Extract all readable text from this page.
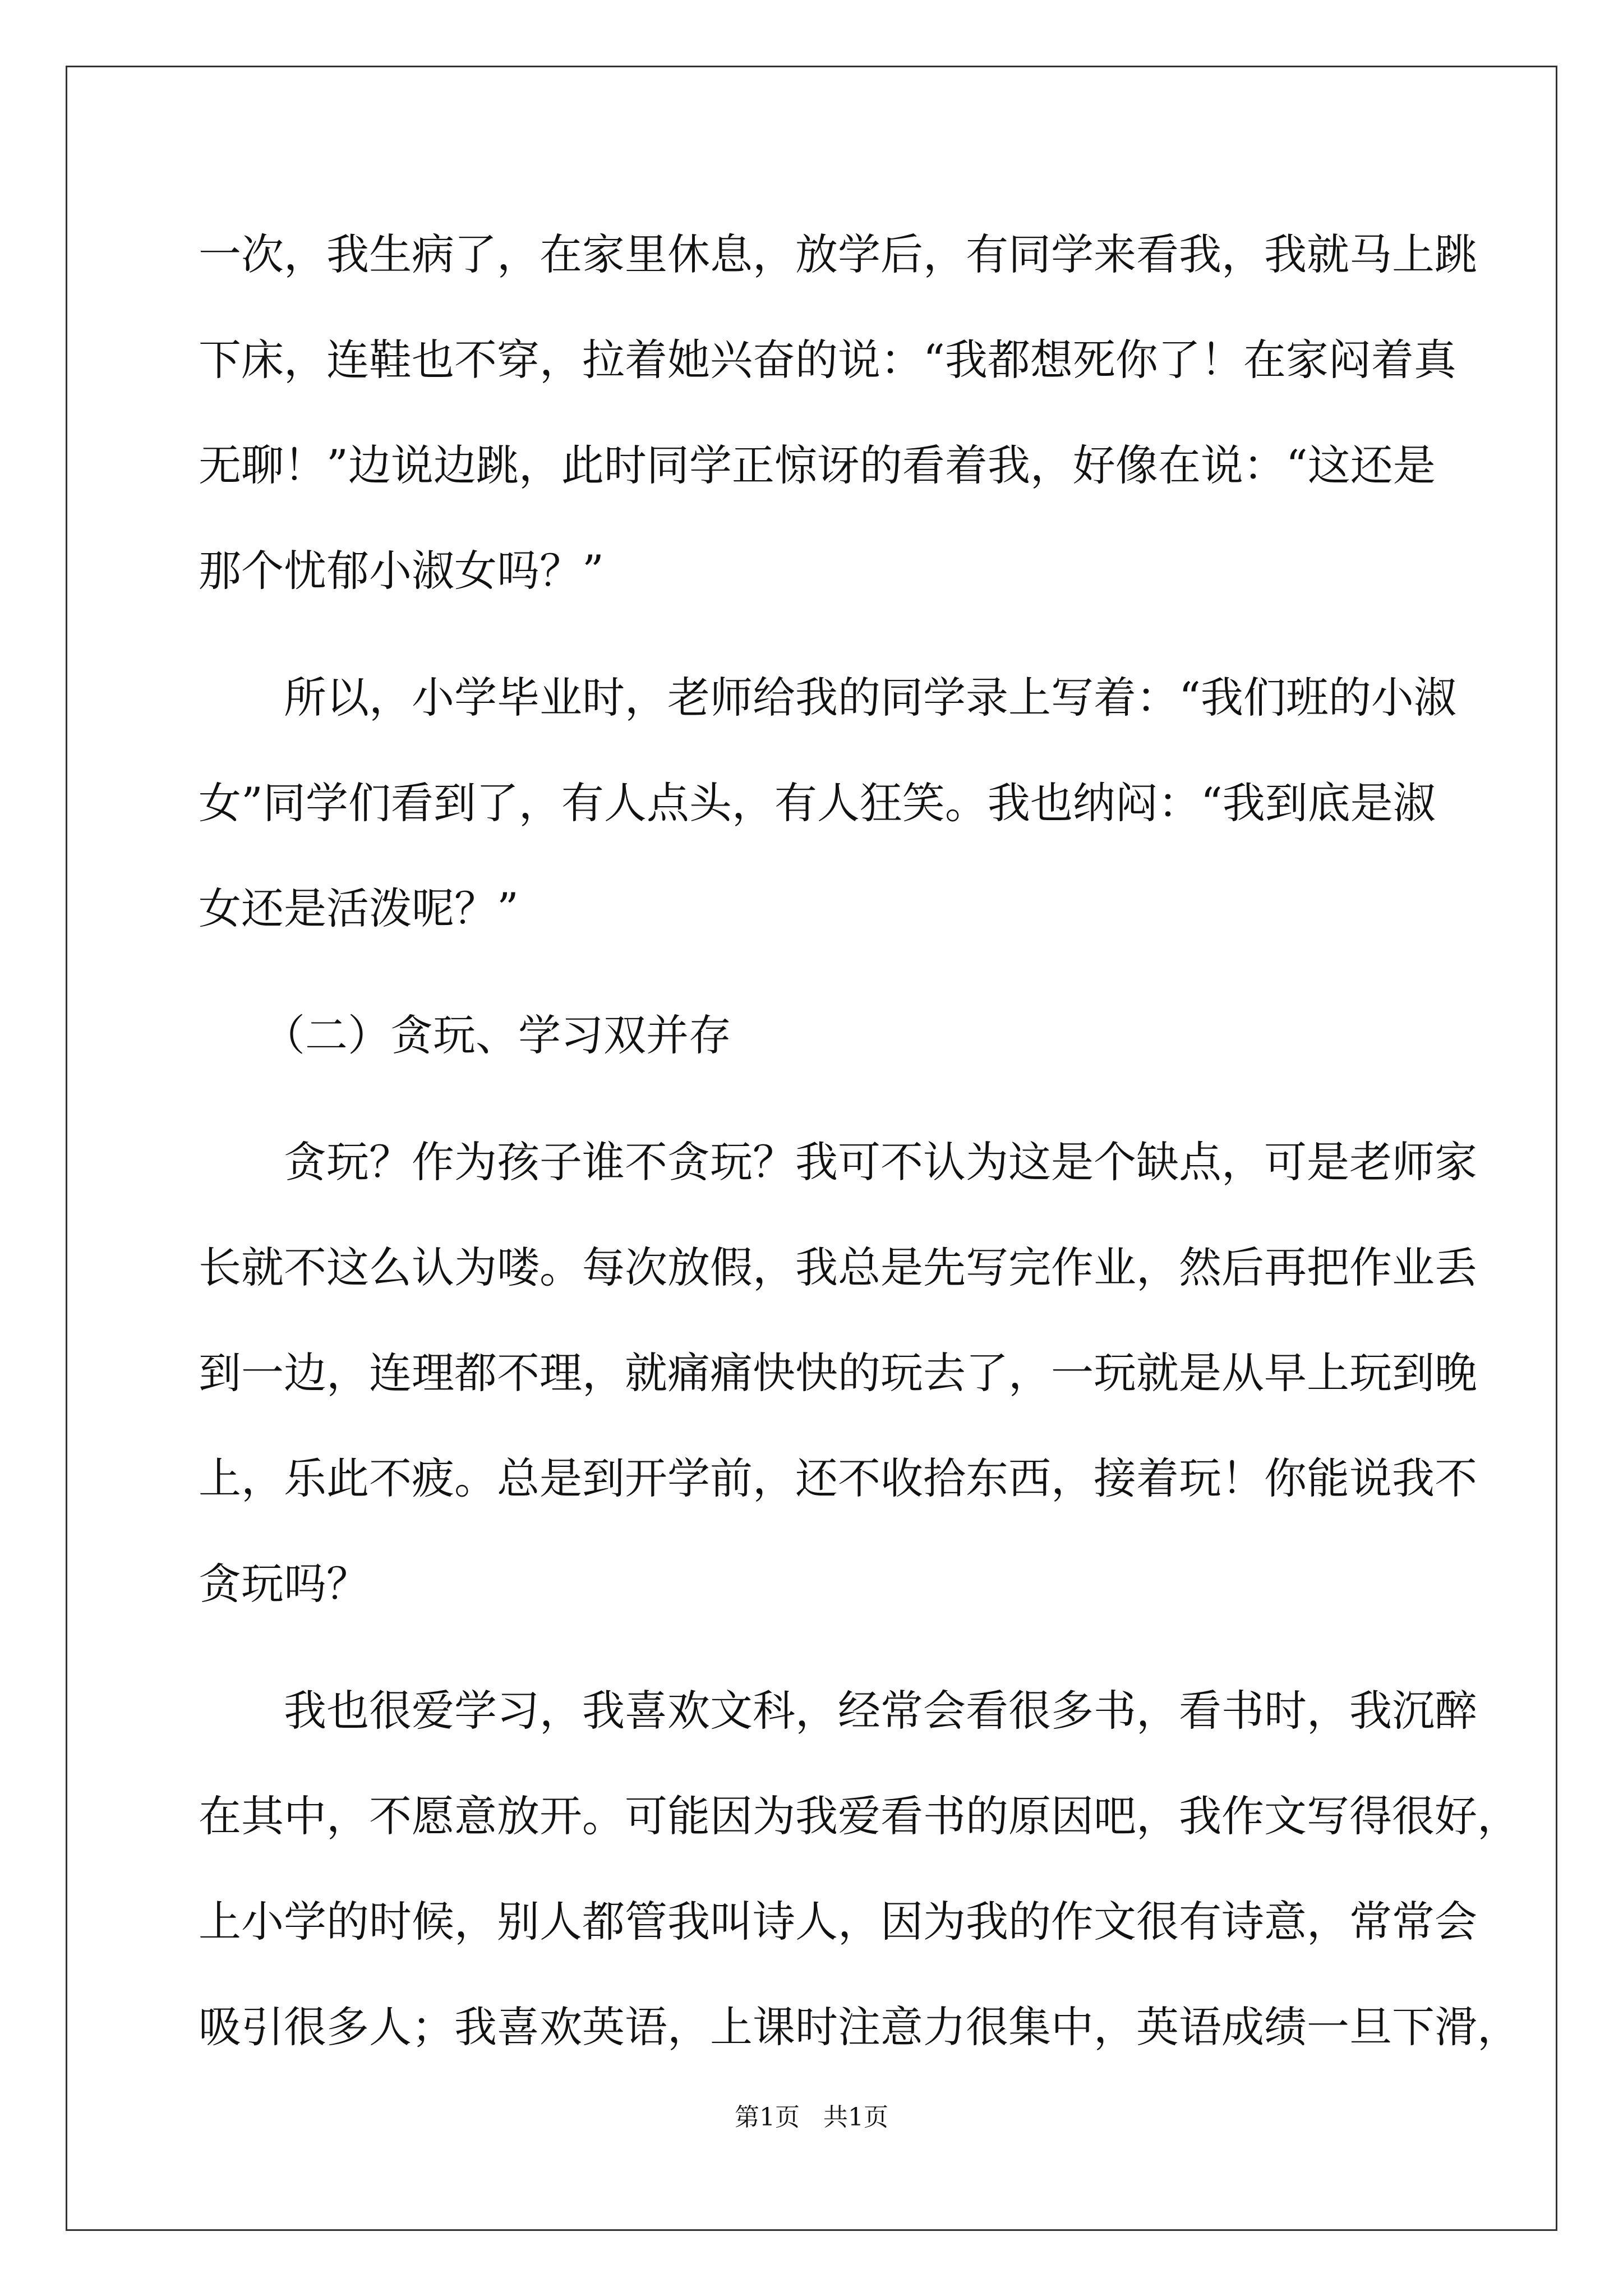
一次，我生病了，在家里休息，放学后，有同学来看我，我就马上跳
下床，连鞋也不穿，拉着她兴奋的说：“我都想死你了！在家闷着真
无聊！”边说边跳，此时同学正惊讶的看着我，好像在说：“这还是
那个忧郁小淑女吗？”
　　所以，小学毕业时，老师给我的同学录上写着：“我们班的小淑
女”同学们看到了，有人点头，有人狂笑。我也纳闷：“我到底是淑
女还是活泼呢？”
　　（二）贪玩、学习双并存
　　贪玩？作为孩子谁不贪玩？我可不认为这是个缺点，可是老师家
长就不这么认为喽。每次放假，我总是先写完作业，然后再把作业丢
到一边，连理都不理，就痛痛快快的玩去了，一玩就是从早上玩到晚
上，乐此不疲。总是到开学前，还不收拾东西，接着玩！你能说我不
贪玩吗？
　　我也很爱学习，我喜欢文科，经常会看很多书，看书时，我沉醉
在其中，不愿意放开。可能因为我爱看书的原因吧，我作文写得很好，
上小学的时候，别人都管我叫诗人，因为我的作文很有诗意，常常会
吸引很多人；我喜欢英语，上课时注意力很集中，英语成绩一旦下滑，
第1页 共1页
